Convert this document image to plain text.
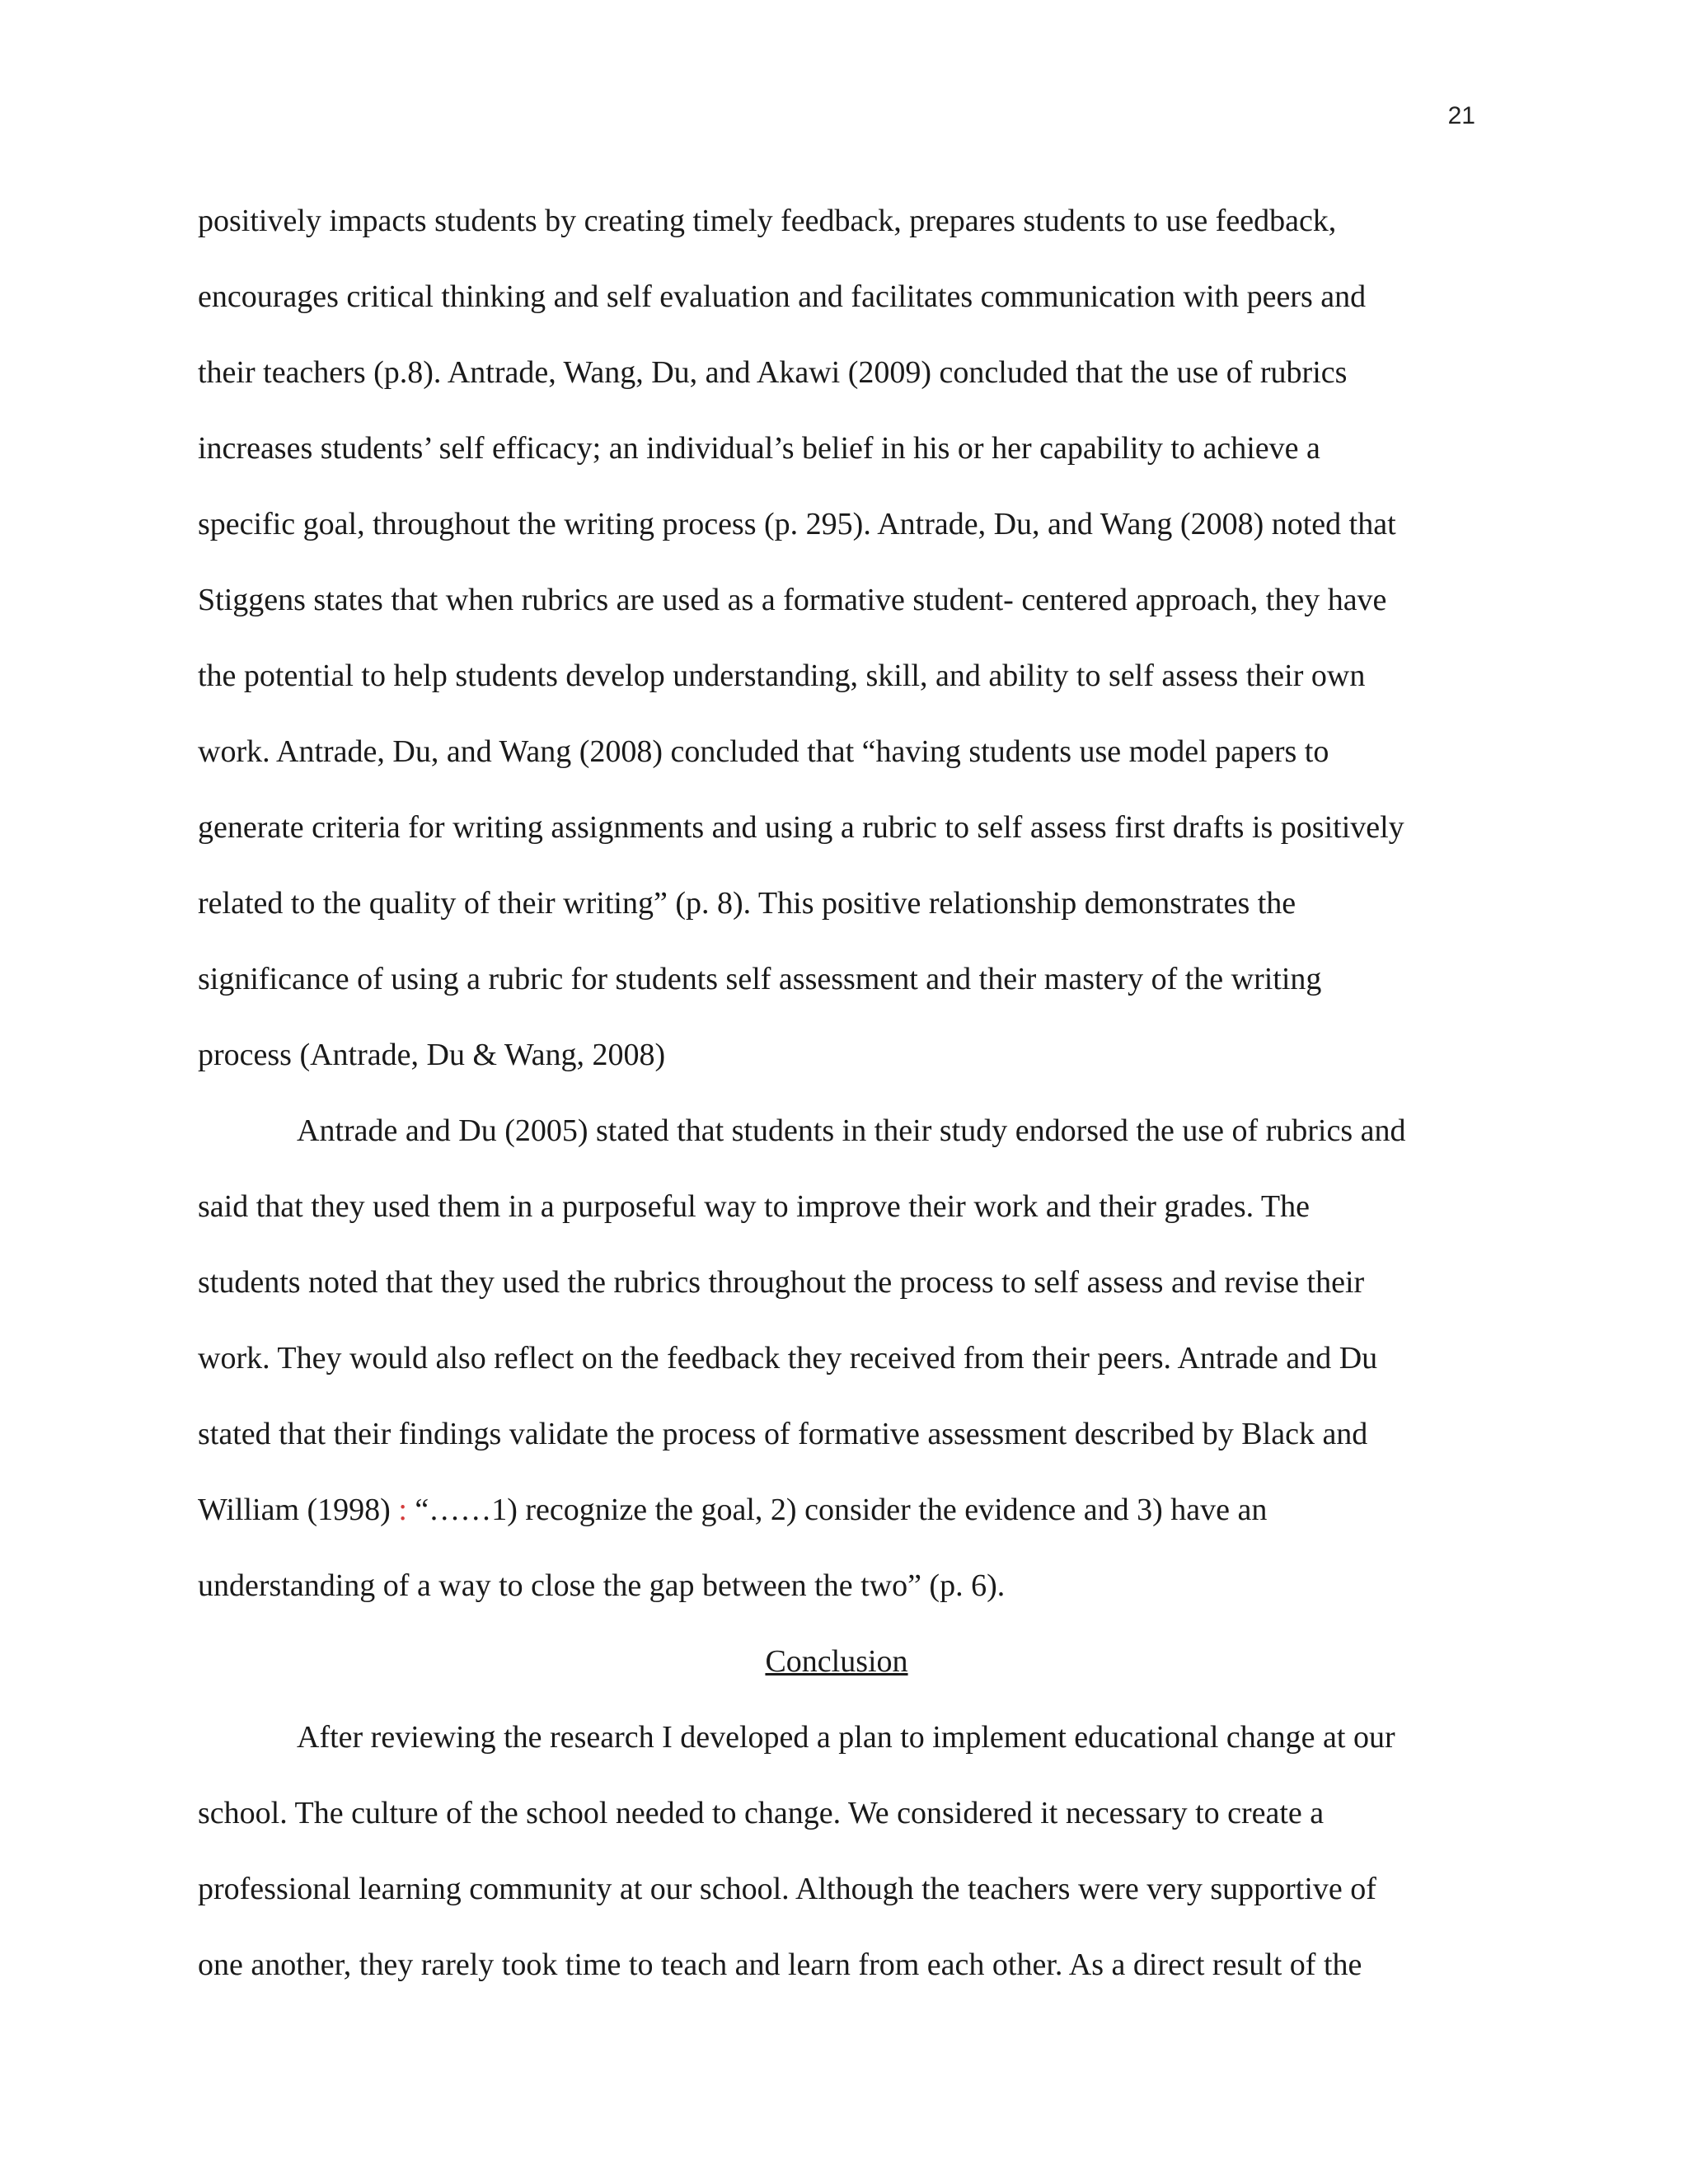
21
positively impacts students by creating timely feedback, prepares students to use feedback,
encourages critical thinking and self evaluation and facilitates communication with peers and
their teachers (p.8). Antrade, Wang, Du, and Akawi (2009) concluded that the use of rubrics
increases students’ self efficacy; an individual’s belief in his or her capability to achieve a
specific goal, throughout the writing process (p. 295). Antrade, Du, and Wang (2008) noted that
Stiggens states that when rubrics are used as a formative student- centered approach, they have
the potential to help students develop understanding, skill, and ability to self assess their own
work. Antrade, Du, and Wang (2008) concluded that “having students use model papers to
generate criteria for writing assignments and using a rubric to self assess first drafts is positively
related to the quality of their writing” (p. 8). This positive relationship demonstrates the
significance of using a rubric for students self assessment and their mastery of the writing
process (Antrade, Du & Wang, 2008)
Antrade and Du (2005) stated that students in their study endorsed the use of rubrics and
said that they used them in a purposeful way to improve their work and their grades. The
students noted that they used the rubrics throughout the process to self assess and revise their
work. They would also reflect on the feedback they received from their peers. Antrade and Du
stated that their findings validate the process of formative assessment described by Black and
William (1998) : “……1) recognize the goal, 2) consider the evidence and 3) have an
understanding of a way to close the gap between the two” (p. 6).
Conclusion
After reviewing the research I developed a plan to implement educational change at our
school. The culture of the school needed to change. We considered it necessary to create a
professional learning community at our school. Although the teachers were very supportive of
one another, they rarely took time to teach and learn from each other. As a direct result of the
